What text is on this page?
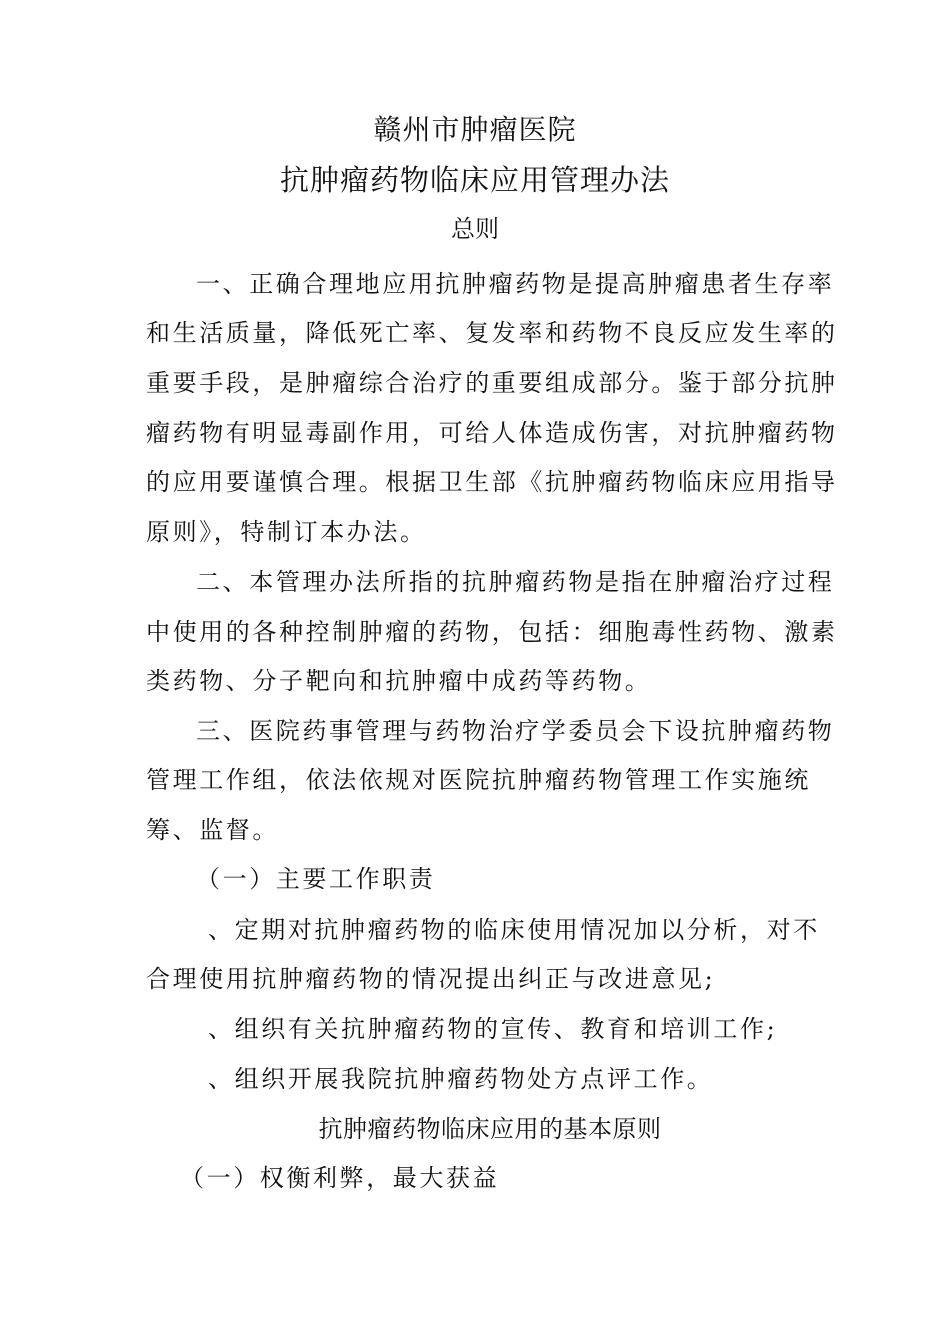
赣州市肿瘤医院
抗肿瘤药物临床应用管理办法
总则
一、正确合理地应用抗肿瘤药物是提高肿瘤患者生存率
和生活质量，降低死亡率、复发率和药物不良反应发生率的
重要手段，是肿瘤综合治疗的重要组成部分。鉴于部分抗肿
瘤药物有明显毒副作用，可给人体造成伤害，对抗肿瘤药物
的应用要谨慎合理。根据卫生部《抗肿瘤药物临床应用指导
原则》，特制订本办法。
二、本管理办法所指的抗肿瘤药物是指在肿瘤治疗过程
中使用的各种控制肿瘤的药物，包括：细胞毒性药物、激素
类药物、分子靶向和抗肿瘤中成药等药物。
三、医院药事管理与药物治疗学委员会下设抗肿瘤药物
管理工作组，依法依规对医院抗肿瘤药物管理工作实施统
筹、监督。
（一）主要工作职责
、定期对抗肿瘤药物的临床使用情况加以分析，对不
合理使用抗肿瘤药物的情况提出纠正与改进意见;
、组织有关抗肿瘤药物的宣传、教育和培训工作;
、组织开展我院抗肿瘤药物处方点评工作。
抗肿瘤药物临床应用的基本原则
（一）权衡利弊，最大获益
